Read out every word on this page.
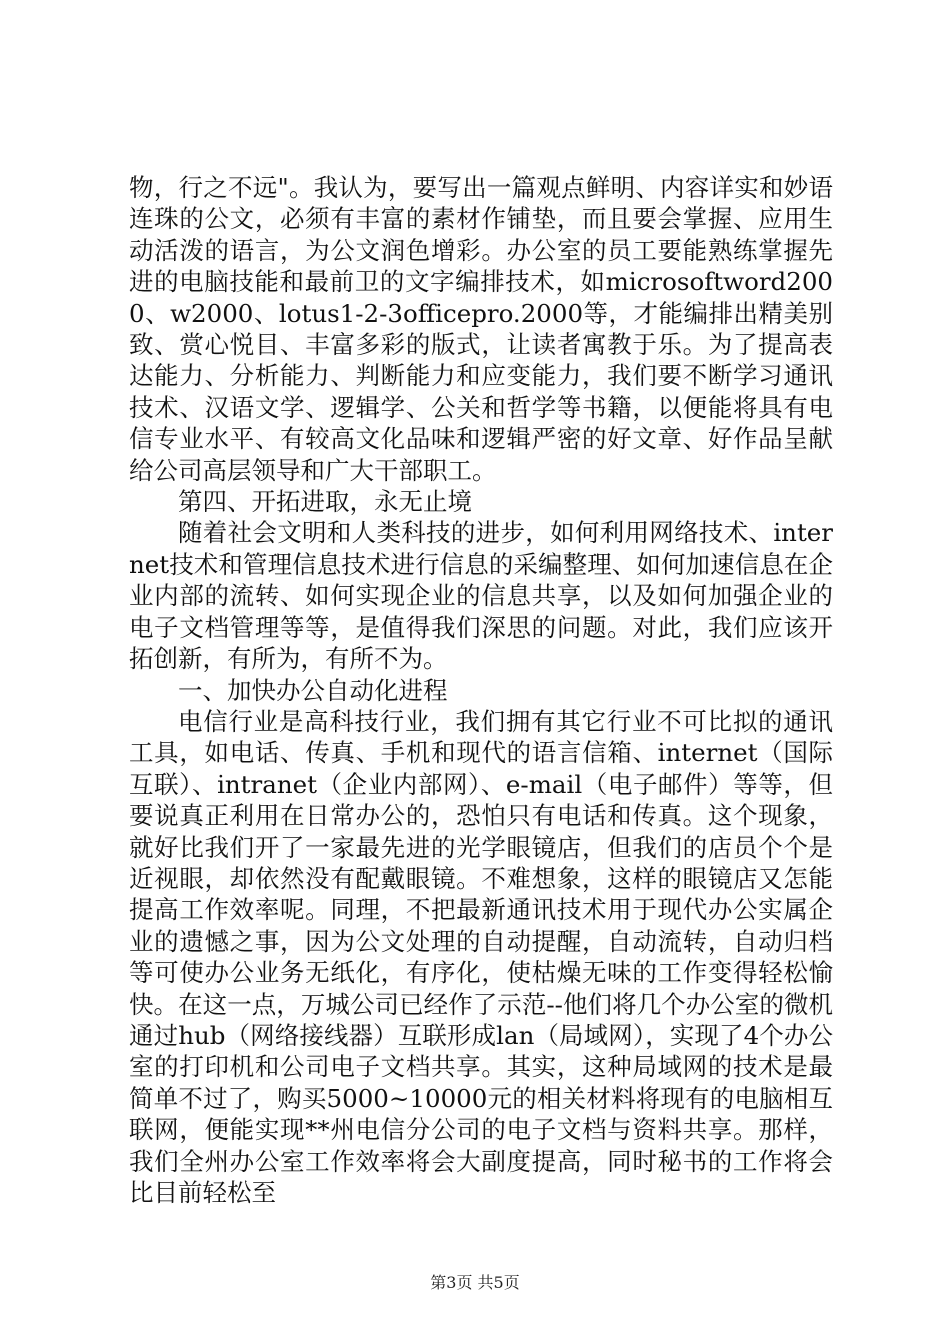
物，行之不远"。我认为，要写出一篇观点鲜明、内容详实和妙语连珠的公文，必须有丰富的素材作铺垫，而且要会掌握、应用生动活泼的语言，为公文润色增彩。办公室的员工要能熟练掌握先进的电脑技能和最前卫的文字编排技术，如microsoftword2000、w2000、lotus1-2-3officepro.2000等，才能编排出精美别致、赏心悦目、丰富多彩的版式，让读者寓教于乐。为了提高表达能力、分析能力、判断能力和应变能力，我们要不断学习通讯技术、汉语文学、逻辑学、公关和哲学等书籍，以便能将具有电信专业水平、有较高文化品味和逻辑严密的好文章、好作品呈献给公司高层领导和广大干部职工。

第四、开拓进取，永无止境

随着社会文明和人类科技的进步，如何利用网络技术、internet技术和管理信息技术进行信息的采编整理、如何加速信息在企业内部的流转、如何实现企业的信息共享，以及如何加强企业的电子文档管理等等，是值得我们深思的问题。对此，我们应该开拓创新，有所为，有所不为。

一、加快办公自动化进程

电信行业是高科技行业，我们拥有其它行业不可比拟的通讯工具，如电话、传真、手机和现代的语言信箱、internet（国际互联）、intranet（企业内部网）、e-mail（电子邮件）等等，但要说真正利用在日常办公的，恐怕只有电话和传真。这个现象，就好比我们开了一家最先进的光学眼镜店，但我们的店员个个是近视眼，却依然没有配戴眼镜。不难想象，这样的眼镜店又怎能提高工作效率呢。同理，不把最新通讯技术用于现代办公实属企业的遗憾之事，因为公文处理的自动提醒，自动流转，自动归档等可使办公业务无纸化，有序化，使枯燥无味的工作变得轻松愉快。在这一点，万城公司已经作了示范--他们将几个办公室的微机通过hub（网络接线器）互联形成lan（局域网），实现了4个办公室的打印机和公司电子文档共享。其实，这种局域网的技术是最简单不过了，购买5000~10000元的相关材料将现有的电脑相互联网，便能实现**州电信分公司的电子文档与资料共享。那样，我们全州办公室工作效率将会大副度提高，同时秘书的工作将会比目前轻松至

第3页 共5页
